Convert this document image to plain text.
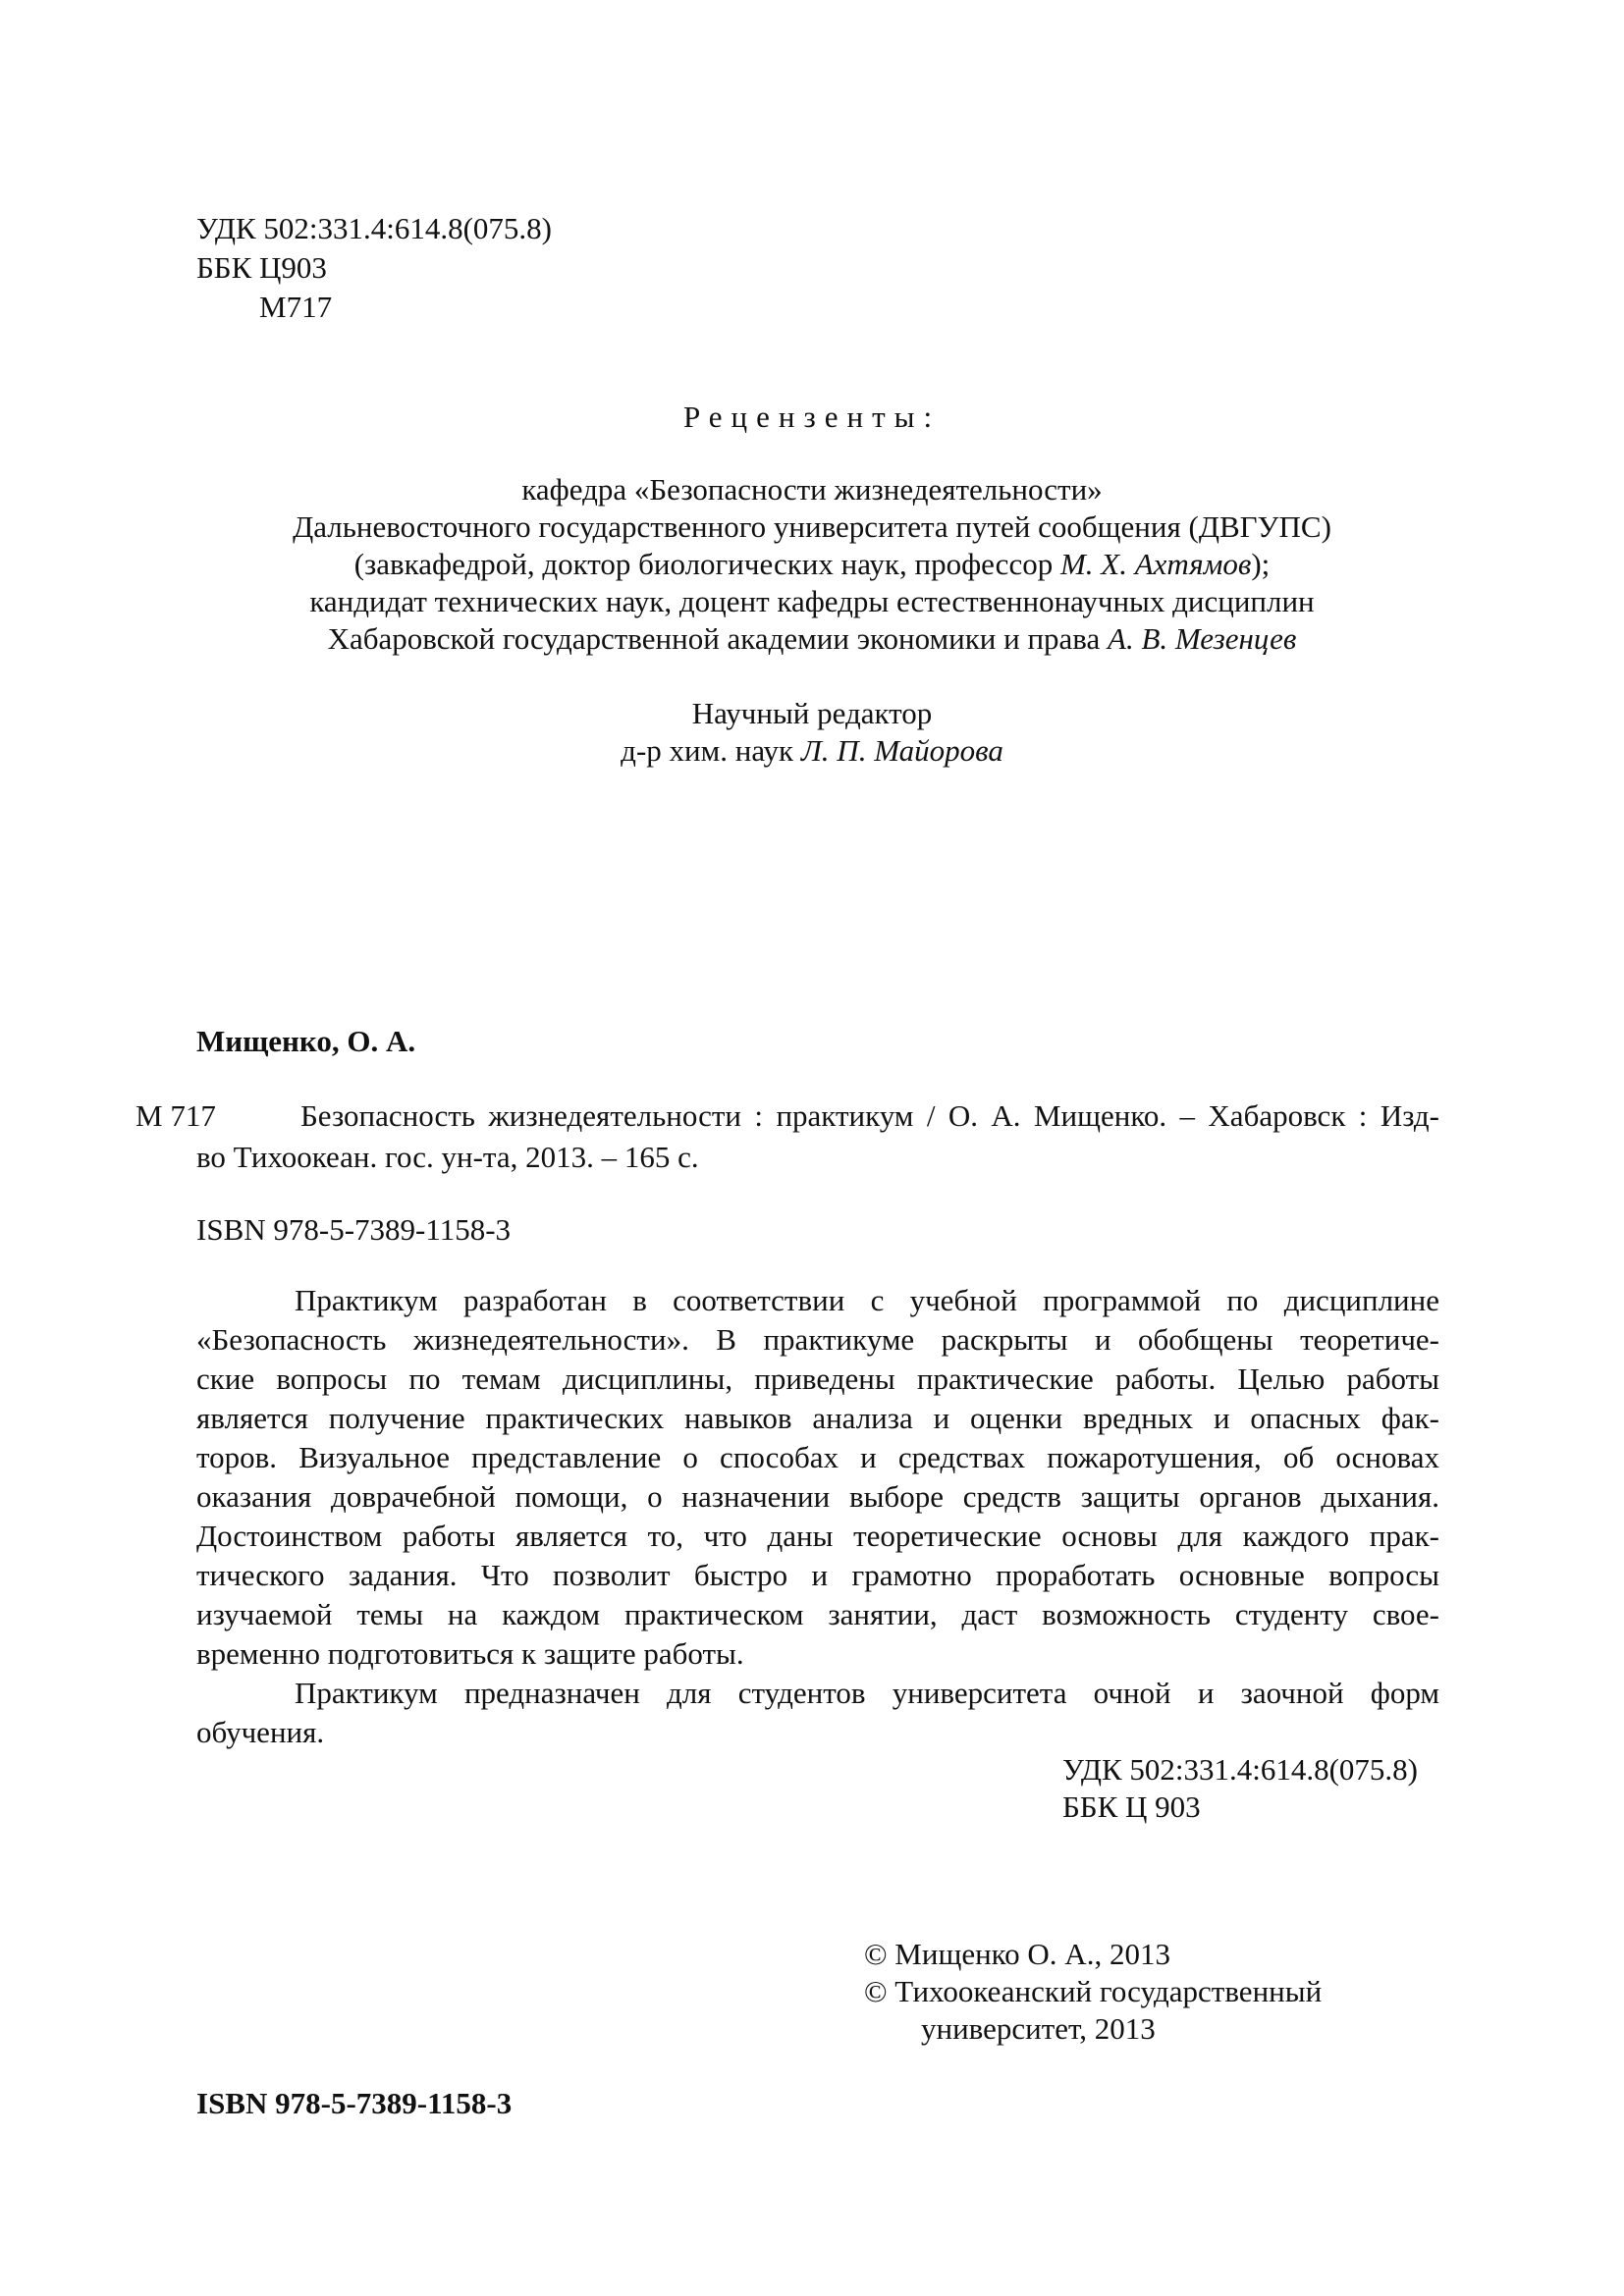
УДК 502:331.4:614.8(075.8)
ББК Ц903
М717
Рецензенты:
кафедра «Безопасности жизнедеятельности»
Дальневосточного государственного университета путей сообщения (ДВГУПС)
(завкафедрой, доктор биологических наук, профессор М. Х. Ахтямов);
кандидат технических наук, доцент кафедры естественнонаучных дисциплин
Хабаровской государственной академии экономики и права А. В. Мезенцев
Научный редактор
д-р хим. наук Л. П. Майорова
Мищенко, О. А.
М 717	Безопасность жизнедеятельности : практикум / О. А. Мищенко. – Хабаровск : Изд-
во Тихоокеан. гос. ун-та, 2013. – 165 с.
ISBN 978-5-7389-1158-3
Практикум разработан в соответствии с учебной программой по дисциплине
«Безопасность жизнедеятельности». В практикуме раскрыты и обобщены теоретиче-
ские вопросы по темам дисциплины, приведены практические работы. Целью работы
является получение практических навыков анализа и оценки вредных и опасных фак-
торов. Визуальное представление о способах и средствах пожаротушения, об основах
оказания доврачебной помощи, о назначении выборе средств защиты органов дыхания.
Достоинством работы является то, что даны теоретические основы для каждого прак-
тического задания. Что позволит быстро и грамотно проработать основные вопросы
изучаемой темы на каждом практическом занятии, даст возможность студенту свое-
временно подготовиться к защите работы.
Практикум предназначен для студентов университета очной и заочной форм
обучения.
УДК 502:331.4:614.8(075.8)
ББК Ц 903
© Мищенко О. А., 2013
© Тихоокеанский государственный
университет, 2013
ISBN 978-5-7389-1158-3
